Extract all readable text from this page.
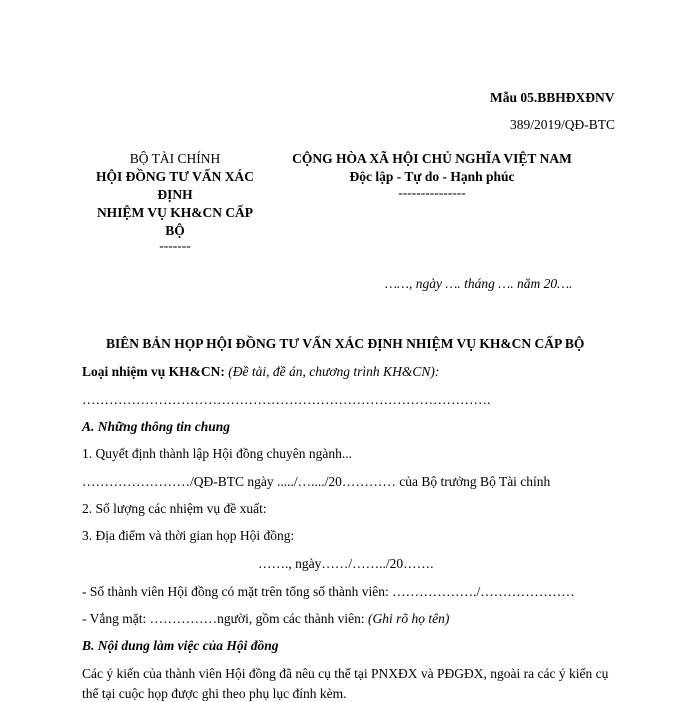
Mẫu 05.BBHĐXĐNV
389/2019/QĐ-BTC
BỘ TÀI CHÍNH
HỘI ĐỒNG TƯ VẤN XÁC
ĐỊNH
NHIỆM VỤ KH&CN CẤP
BỘ
-------
CỘNG HÒA XÃ HỘI CHỦ NGHĨA VIỆT NAM
Độc lập - Tự do - Hạnh phúc
---------------
……, ngày …. tháng …. năm 20….
BIÊN BẢN HỌP HỘI ĐỒNG TƯ VẤN XÁC ĐỊNH NHIỆM VỤ KH&CN CẤP BỘ
Loại nhiệm vụ KH&CN: (Đề tài, đề án, chương trình KH&CN):
……………………………………………………………………………….
A. Những thông tin chung
1. Quyết định thành lập Hội đồng chuyên ngành...
……………………/QĐ-BTC ngày ...../…..../20………… của Bộ trưởng Bộ Tài chính
2. Số lượng các nhiệm vụ đề xuất:
3. Địa điểm và thời gian họp Hội đồng:
……., ngày……/……../20…….
- Số thành viên Hội đồng có mặt trên tổng số thành viên: ………………./…………………
- Vắng mặt: ……………người, gồm các thành viên: (Ghi rõ họ tên)
B. Nội dung làm việc của Hội đồng
Các ý kiến của thành viên Hội đồng đã nêu cụ thể tại PNXĐX và PĐGĐX, ngoài ra các ý kiến cụ
thể tại cuộc họp được ghi theo phụ lục đính kèm.
